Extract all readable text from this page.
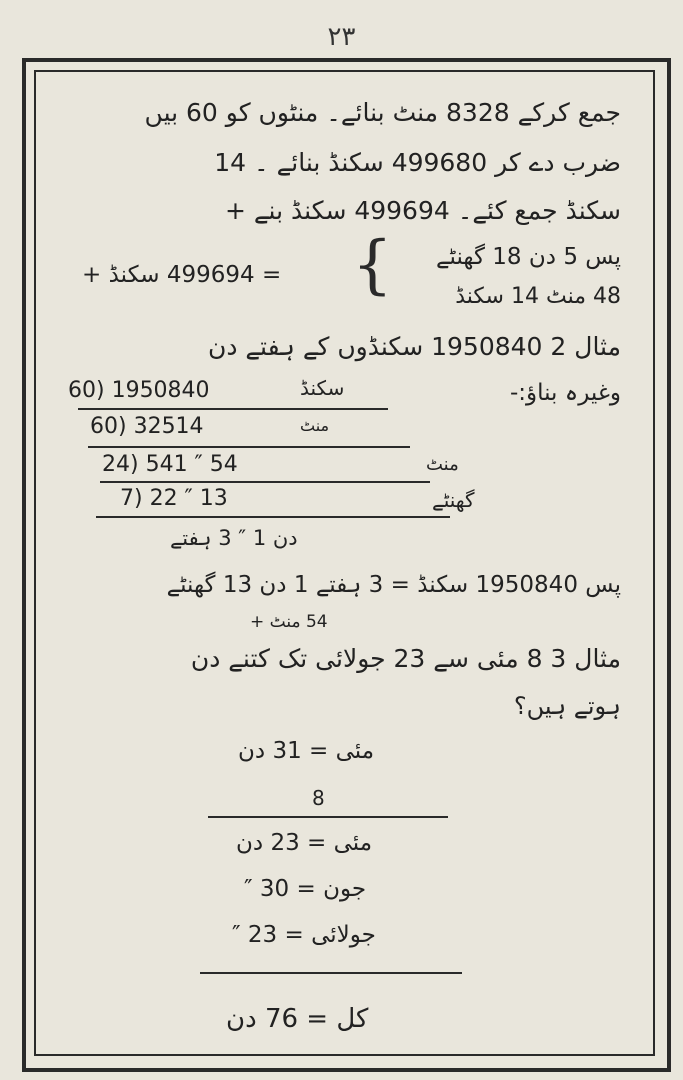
۲۳
جمع کرکے 8328 منٹ بنائے۔ منٹوں کو 60 بیں
ضرب دے کر 499680 سکنڈ بنائے ۔ 14
سکنڈ جمع کئے۔ 499694 سکنڈ بنے +
پس 5 دن 18 گھنٹے
48 منٹ 14 سکنڈ
{
= 499694 سکنڈ +
مثال 2 1950840 سکنڈوں کے ہفتے دن
وغیرہ بناؤ:-
60) 1950840	سکنڈ
60) 32514	منٹ
24) 541 ″ 54	منٹ
7) 22 ″ 13	گھنٹے
دن 1 ″ 3 ہفتے
پس 1950840 سکنڈ = 3 ہفتے 1 دن 13 گھنٹے
54 منٹ +
مثال 3 8 مئی سے 23 جولائی تک کتنے دن
ہوتے ہیں؟
مئی = 31 دن
8
مئی = 23 دن
جون = 30 ″
جولائی = 23 ″
کل = 76 دن
